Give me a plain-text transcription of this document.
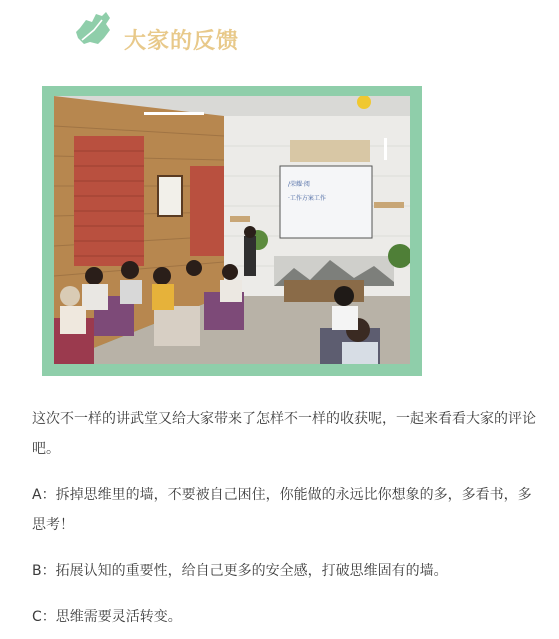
大家的反馈
/荣耀·阅
·工作方案工作

这次不一样的讲武堂又给大家带来了怎样不一样的收获呢，一起来看看大家的评论吧。

A：拆掉思维里的墙，不要被自己困住，你能做的永远比你想象的多，多看书，多思考！

B：拓展认知的重要性，给自己更多的安全感，打破思维固有的墙。

C：思维需要灵活转变。
